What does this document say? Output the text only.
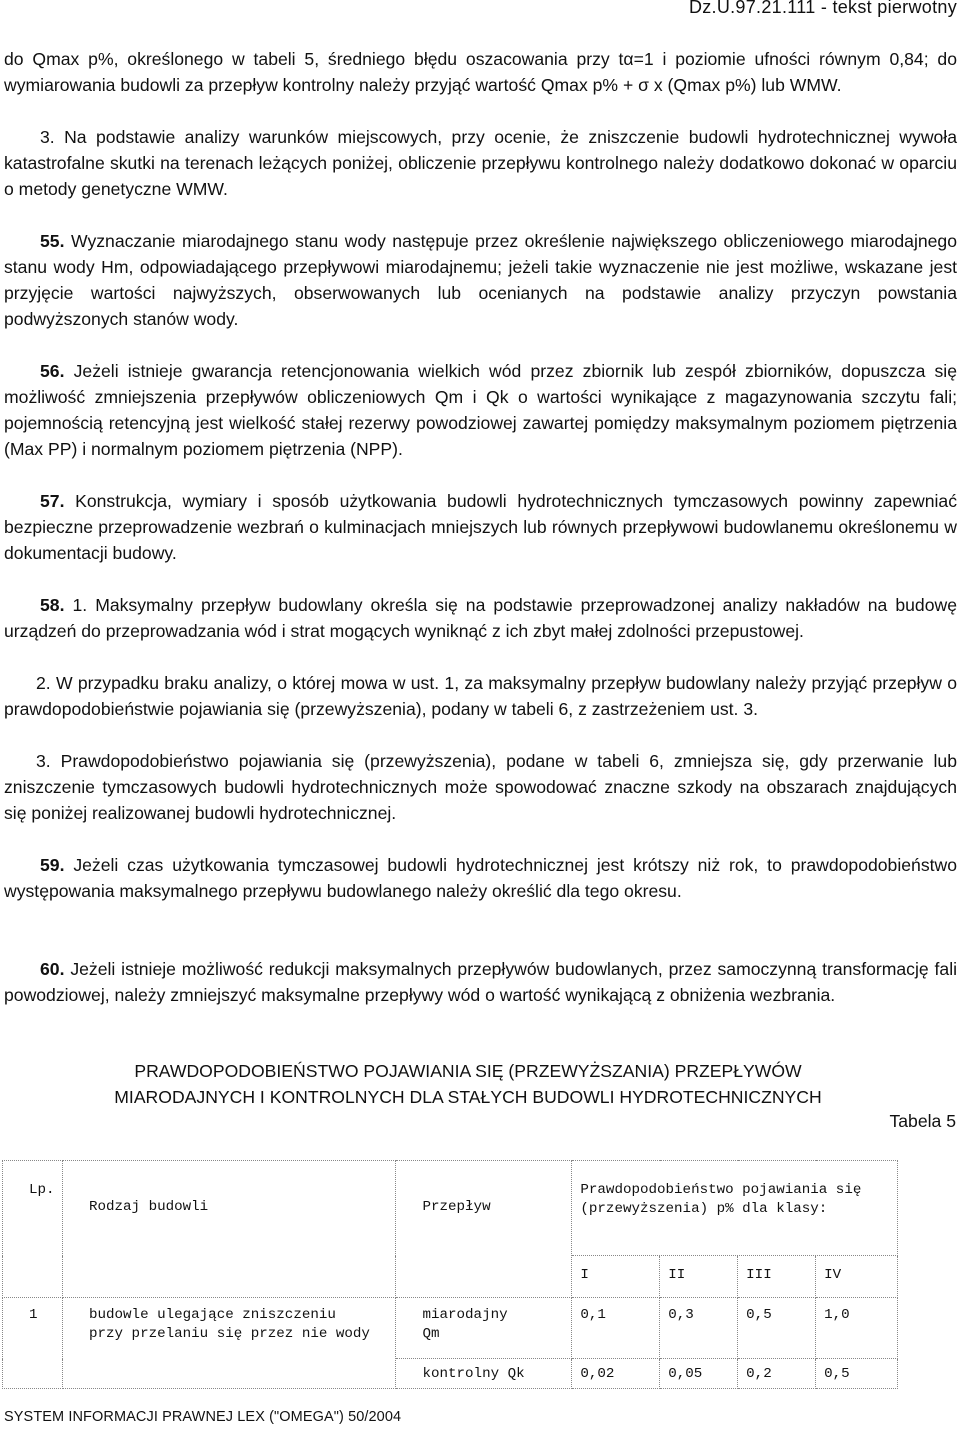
Dz.U.97.21.111 - tekst pierwotny

do Qmax p%, określonego w tabeli 5, średniego błędu oszacowania przy tα=1 i poziomie ufności równym 0,84; do wymiarowania budowli za przepływ kontrolny należy przyjąć wartość Qmax p% + σ x (Qmax p%) lub WMW.

3. Na podstawie analizy warunków miejscowych, przy ocenie, że zniszczenie budowli hydrotechnicznej wywoła katastrofalne skutki na terenach leżących poniżej, obliczenie przepływu kontrolnego należy dodatkowo dokonać w oparciu o metody genetyczne WMW.

55. Wyznaczanie miarodajnego stanu wody następuje przez określenie największego obliczeniowego miarodajnego stanu wody Hm, odpowiadającego przepływowi miarodajnemu; jeżeli takie wyznaczenie nie jest możliwe, wskazane jest przyjęcie wartości najwyższych, obserwowanych lub ocenianych na podstawie analizy przyczyn powstania podwyższonych stanów wody.

56. Jeżeli istnieje gwarancja retencjonowania wielkich wód przez zbiornik lub zespół zbiorników, dopuszcza się możliwość zmniejszenia przepływów obliczeniowych Qm i Qk o wartości wynikające z magazynowania szczytu fali; pojemnością retencyjną jest wielkość stałej rezerwy powodziowej zawartej pomiędzy maksymalnym poziomem piętrzenia (Max PP) i normalnym poziomem piętrzenia (NPP).

57. Konstrukcja, wymiary i sposób użytkowania budowli hydrotechnicznych tymczasowych powinny zapewniać bezpieczne przeprowadzenie wezbrań o kulminacjach mniejszych lub równych przepływowi budowlanemu określonemu w dokumentacji budowy.

58. 1. Maksymalny przepływ budowlany określa się na podstawie przeprowadzonej analizy nakładów na budowę urządzeń do przeprowadzania wód i strat mogących wyniknąć z ich zbyt małej zdolności przepustowej.

2. W przypadku braku analizy, o której mowa w ust. 1, za maksymalny przepływ budowlany należy przyjąć przepływ o prawdopodobieństwie pojawiania się (przewyższenia), podany w tabeli 6, z zastrzeżeniem ust. 3.

3. Prawdopodobieństwo pojawiania się (przewyższenia), podane w tabeli 6, zmniejsza się, gdy przerwanie lub zniszczenie tymczasowych budowli hydrotechnicznych może spowodować znaczne szkody na obszarach znajdujących się poniżej realizowanej budowli hydrotechnicznej.

59. Jeżeli czas użytkowania tymczasowej budowli hydrotechnicznej jest krótszy niż rok, to prawdopodobieństwo występowania maksymalnego przepływu budowlanego należy określić dla tego okresu.

60. Jeżeli istnieje możliwość redukcji maksymalnych przepływów budowlanych, przez samoczynną transformację fali powodziowej, należy zmniejszyć maksymalne przepływy wód o wartość wynikającą z obniżenia wezbrania.

PRAWDOPODOBIEŃSTWO POJAWIANIA SIĘ (PRZEWYŻSZANIA) PRZEPŁYWÓW
MIARODAJNYCH I KONTROLNYCH DLA STAŁYCH BUDOWLI HYDROTECHNICZNYCH
Tabela 5
Lp.	Rodzaj budowli	Przepływ	Prawdopodobieństwo pojawiania się (przewyższenia) p% dla klasy:			
			I	II	III	IV
1	budowle ulegające zniszczeniu przy przelaniu się przez nie wody	miarodajny Qm	0,1	0,3	0,5	1,0
		kontrolny Qk	0,02	0,05	0,2	0,5
SYSTEM INFORMACJI PRAWNEJ LEX ("OMEGA") 50/2004
